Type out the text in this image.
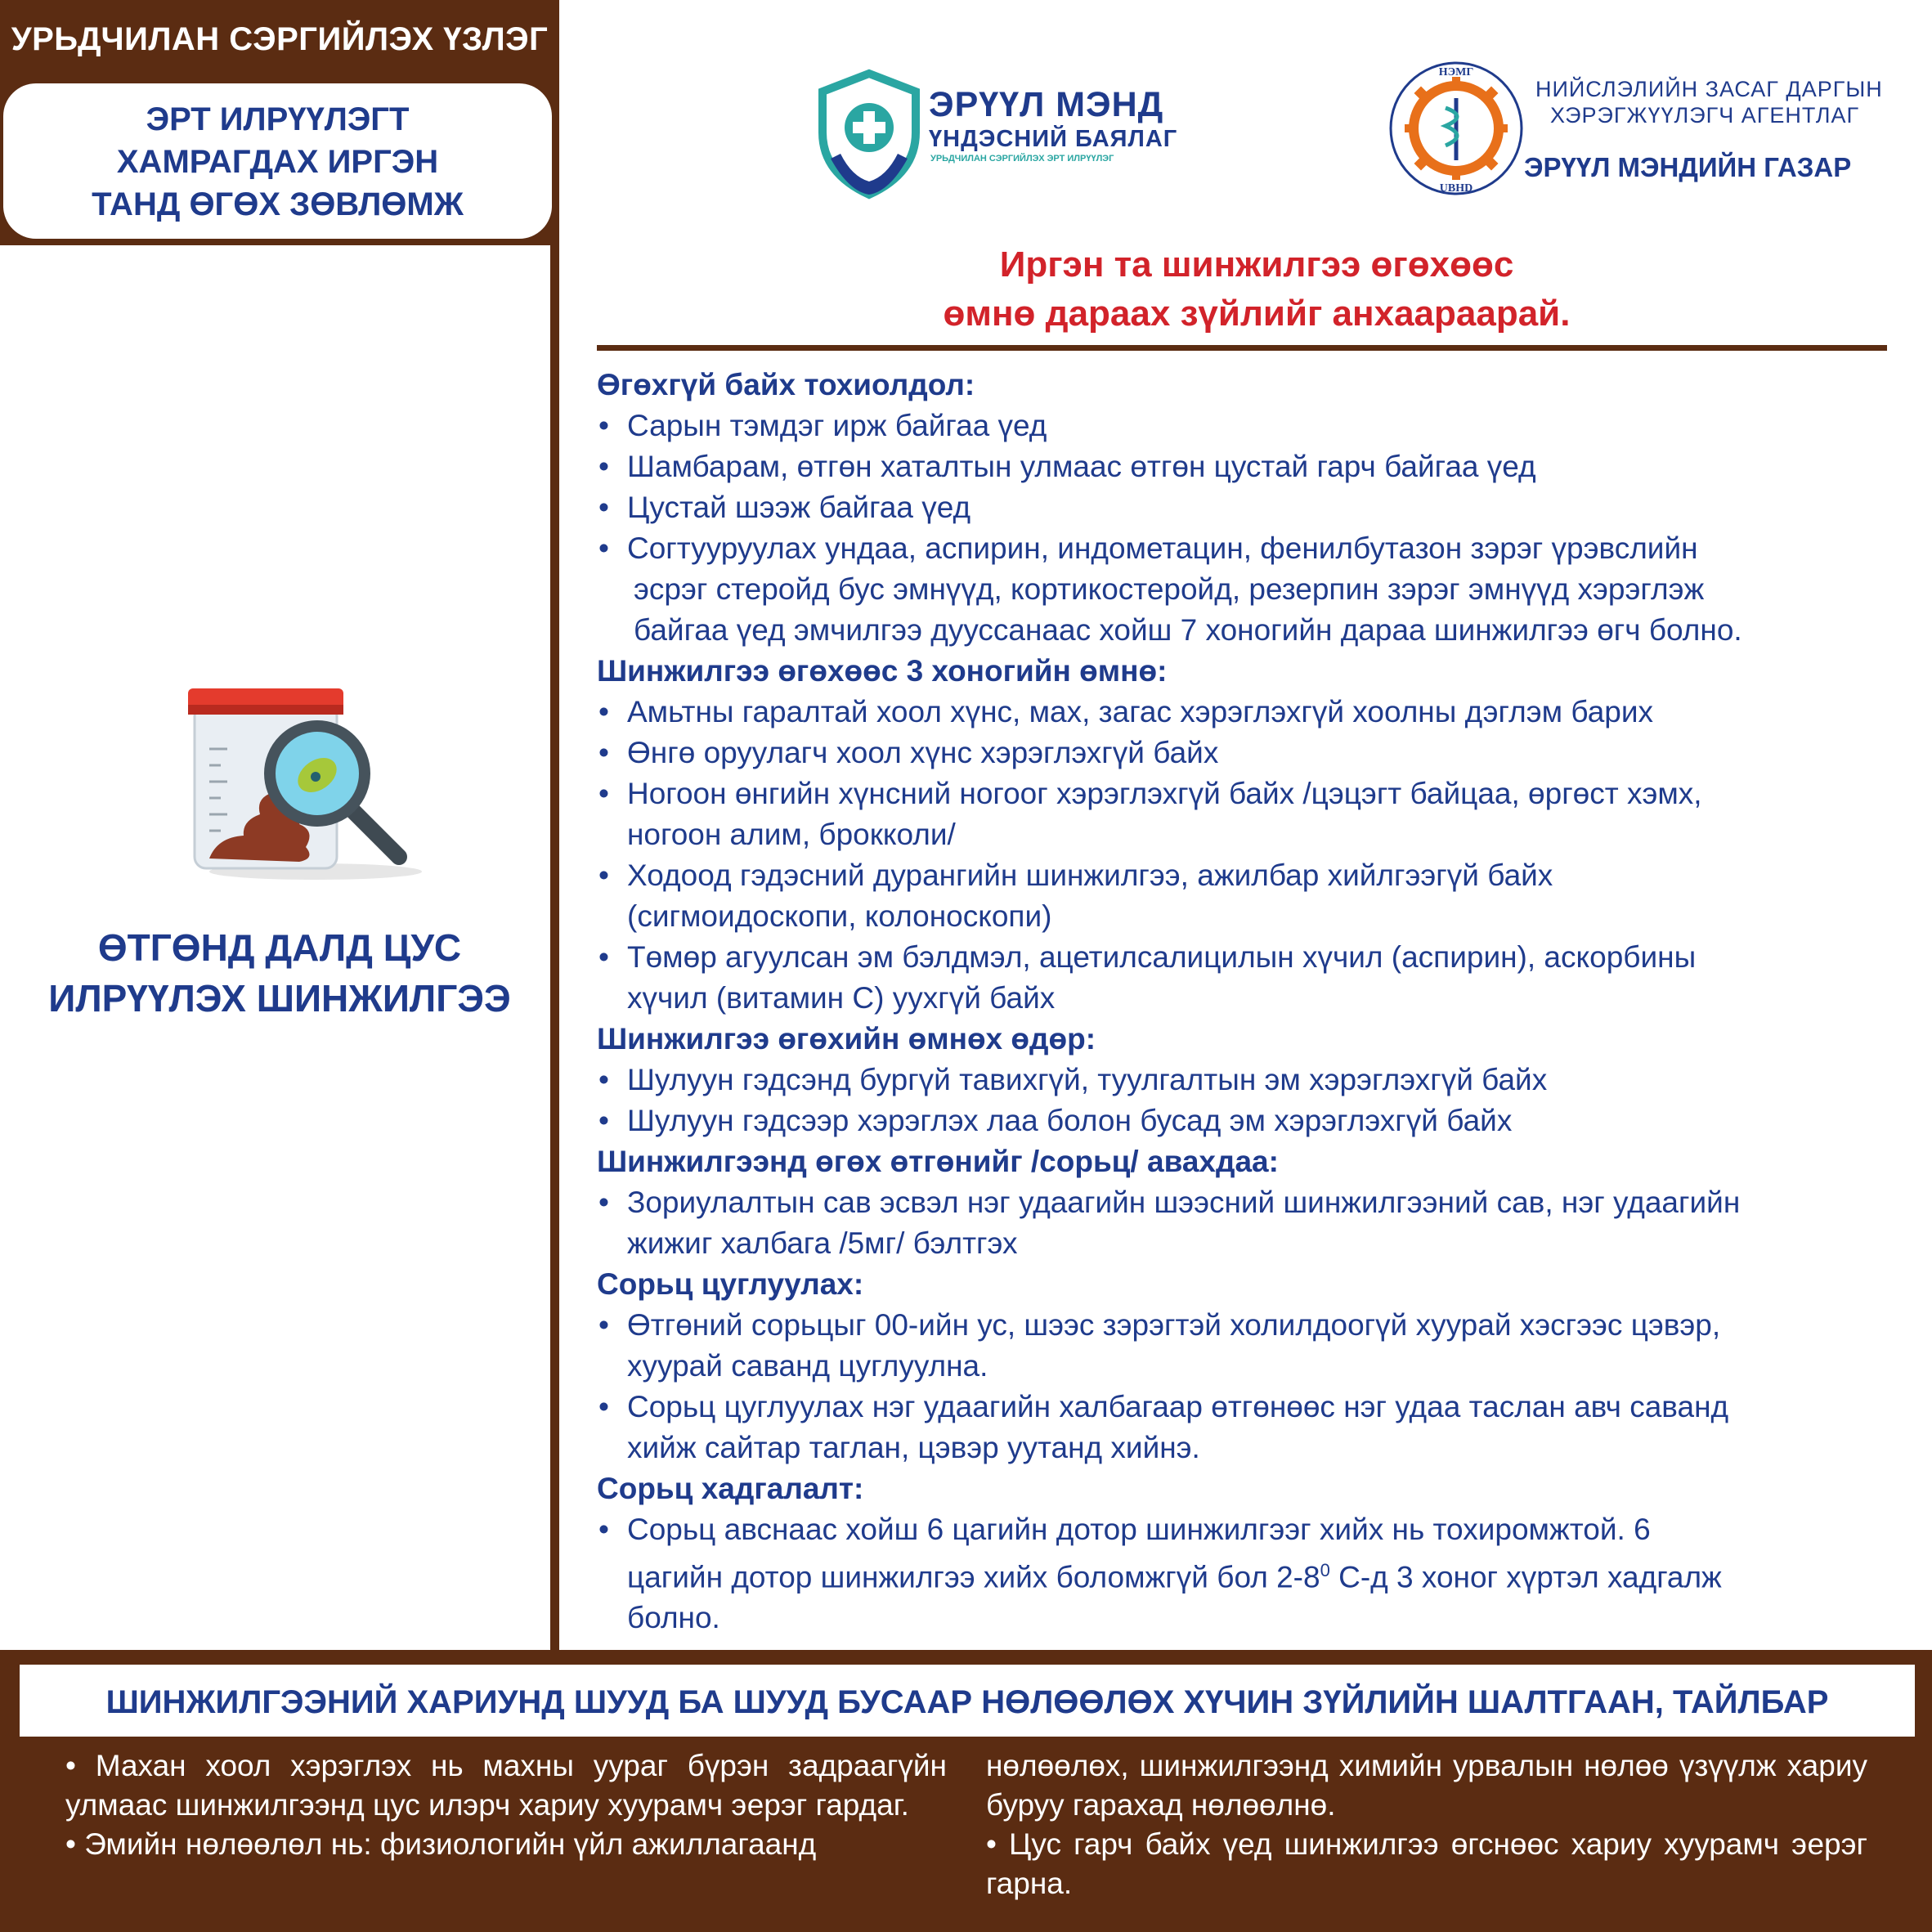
УРЬДЧИЛАН СЭРГИЙЛЭХ ҮЗЛЭГ
ЭРТ ИЛРҮҮЛЭГТ
ХАМРАГДАХ ИРГЭН
ТАНД ӨГӨХ ЗӨВЛӨМЖ
ӨТГӨНД ДАЛД ЦУС
ИЛРҮҮЛЭХ ШИНЖИЛГЭЭ
ЭРҮҮЛ МЭНД
ҮНДЭСНИЙ БАЯЛАГ
УРЬДЧИЛАН СЭРГИЙЛЭХ ЭРТ ИЛРҮҮЛЭГ
НЭМГ
UBHD
НИЙСЛЭЛИЙН ЗАСАГ ДАРГЫН
ХЭРЭГЖҮҮЛЭГЧ АГЕНТЛАГ
ЭРҮҮЛ МЭНДИЙН ГАЗАР
Иргэн та шинжилгээ өгөхөөс
өмнө дараах зүйлийг анхаараарай.
Өгөхгүй байх тохиолдол:
• Сарын тэмдэг ирж байгаа үед
• Шамбарам, өтгөн хаталтын улмаас өтгөн цустай гарч байгаа үед
• Цустай шээж байгаа үед
• Согтууруулах ундаа, аспирин, индометацин, фенилбутазон зэрэг үрэвслийн
эсрэг стеройд бус эмнүүд, кортикостеройд, резерпин зэрэг эмнүүд хэрэглэж
байгаа үед эмчилгээ дууссанаас хойш 7 хоногийн дараа шинжилгээ өгч болно.
Шинжилгээ өгөхөөс 3 хоногийн өмнө:
• Амьтны гаралтай хоол хүнс, мах, загас хэрэглэхгүй хоолны дэглэм барих
• Өнгө оруулагч хоол хүнс хэрэглэхгүй байх
• Ногоон өнгийн хүнсний ногоог хэрэглэхгүй байх /цэцэгт байцаа, өргөст хэмх,
ногоон алим, брокколи/
• Ходоод гэдэсний дурангийн шинжилгээ, ажилбар хийлгээгүй байх
(сигмоидоскопи, колоноскопи)
• Төмөр агуулсан эм бэлдмэл, ацетилсалицилын хүчил (аспирин), аскорбины
хүчил (витамин С) уухгүй байх
Шинжилгээ өгөхийн өмнөх өдөр:
• Шулуун гэдсэнд бургүй тавихгүй, туулгалтын эм хэрэглэхгүй байх
• Шулуун гэдсээр хэрэглэх лаа болон бусад эм хэрэглэхгүй байх
Шинжилгээнд өгөх өтгөнийг /сорьц/ авахдаа:
• Зориулалтын сав эсвэл нэг удаагийн шээсний шинжилгээний сав, нэг удаагийн
жижиг халбага /5мг/ бэлтгэх
Сорьц цуглуулах:
• Өтгөний сорьцыг 00-ийн ус, шээс зэрэгтэй холилдоогүй хуурай хэсгээс цэвэр,
хуурай саванд цуглуулна.
• Сорьц цуглуулах нэг удаагийн халбагаар өтгөнөөс нэг удаа таслан авч саванд
хийж сайтар таглан, цэвэр уутанд хийнэ.
Сорьц хадгалалт:
• Сорьц авснаас хойш 6 цагийн дотор шинжилгээг хийх нь тохиромжтой. 6
цагийн дотор шинжилгээ хийх боломжгүй бол $2-8^0$ С-д 3 хоног хүртэл хадгалж
болно.
ШИНЖИЛГЭЭНИЙ ХАРИУНД ШУУД БА ШУУД БУСААР НӨЛӨӨЛӨХ ХҮЧИН ЗҮЙЛИЙН ШАЛТГААН, ТАЙЛБАР

• Махан хоол хэрэглэх нь махны уураг бүрэн задраагүйн улмаас шинжилгээнд цус илэрч хариу хуурамч эерэг гардаг.

• Эмийн нөлөөлөл нь: физиологийн үйл ажиллагаанд

нөлөөлөх, шинжилгээнд химийн урвалын нөлөө үзүүлж хариу буруу гарахад нөлөөлнө.

• Цус гарч байх үед шинжилгээ өгснөөс хариу хуурамч эерэг гарна.
